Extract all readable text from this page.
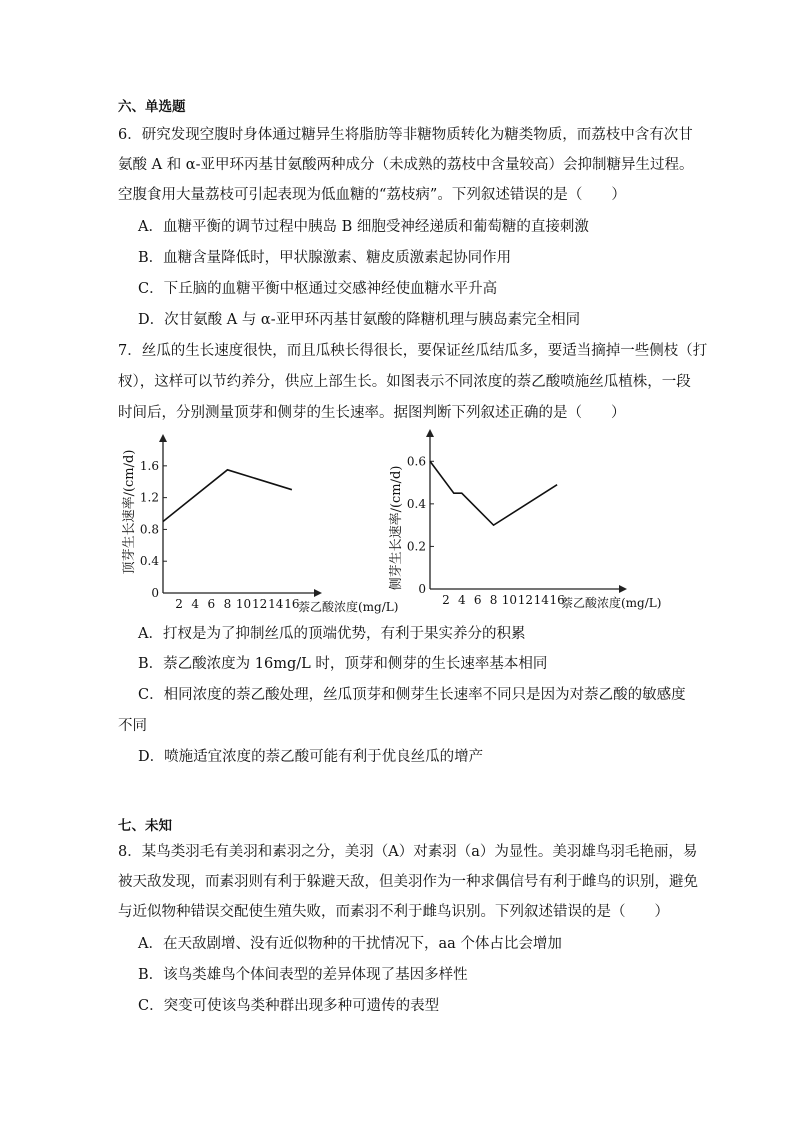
六、单选题
6．研究发现空腹时身体通过糖异生将脂肪等非糖物质转化为糖类物质，而荔枝中含有次甘
氨酸 A 和 α-亚甲环丙基甘氨酸两种成分（未成熟的荔枝中含量较高）会抑制糖异生过程。
空腹食用大量荔枝可引起表现为低血糖的“荔枝病”。下列叙述错误的是（　　）
A．血糖平衡的调节过程中胰岛 B 细胞受神经递质和葡萄糖的直接刺激
B．血糖含量降低时，甲状腺激素、糖皮质激素起协同作用
C．下丘脑的血糖平衡中枢通过交感神经使血糖水平升高
D．次甘氨酸 A 与 α-亚甲环丙基甘氨酸的降糖机理与胰岛素完全相同
7．丝瓜的生长速度很快，而且瓜秧长得很长，要保证丝瓜结瓜多，要适当摘掉一些侧枝（打
杈），这样可以节约养分，供应上部生长。如图表示不同浓度的萘乙酸喷施丝瓜植株，一段
时间后，分别测量顶芽和侧芽的生长速率。据图判断下列叙述正确的是（　　）
顶芽生长速率/(cm/d)
0
0.4
0.8
1.2
1.6
2 4 6 8 10 12 14 16
萘乙酸浓度(mg/L)
侧芽生长速率/(cm/d) 0
0.2
0.4
0.6
2 4 6 8 10 12 14 16
萘乙酸浓度(mg/L)
A．打杈是为了抑制丝瓜的顶端优势，有利于果实养分的积累
B．萘乙酸浓度为 16mg/L 时，顶芽和侧芽的生长速率基本相同
C．相同浓度的萘乙酸处理，丝瓜顶芽和侧芽生长速率不同只是因为对萘乙酸的敏感度
不同
D．喷施适宜浓度的萘乙酸可能有利于优良丝瓜的增产
七、未知
8．某鸟类羽毛有美羽和素羽之分，美羽（A）对素羽（a）为显性。美羽雄鸟羽毛艳丽，易
被天敌发现，而素羽则有利于躲避天敌，但美羽作为一种求偶信号有利于雌鸟的识别，避免
与近似物种错误交配使生殖失败，而素羽不利于雌鸟识别。下列叙述错误的是（　　）
A．在天敌剧增、没有近似物种的干扰情况下，aa 个体占比会增加
B．该鸟类雄鸟个体间表型的差异体现了基因多样性
C．突变可使该鸟类种群出现多种可遗传的表型
